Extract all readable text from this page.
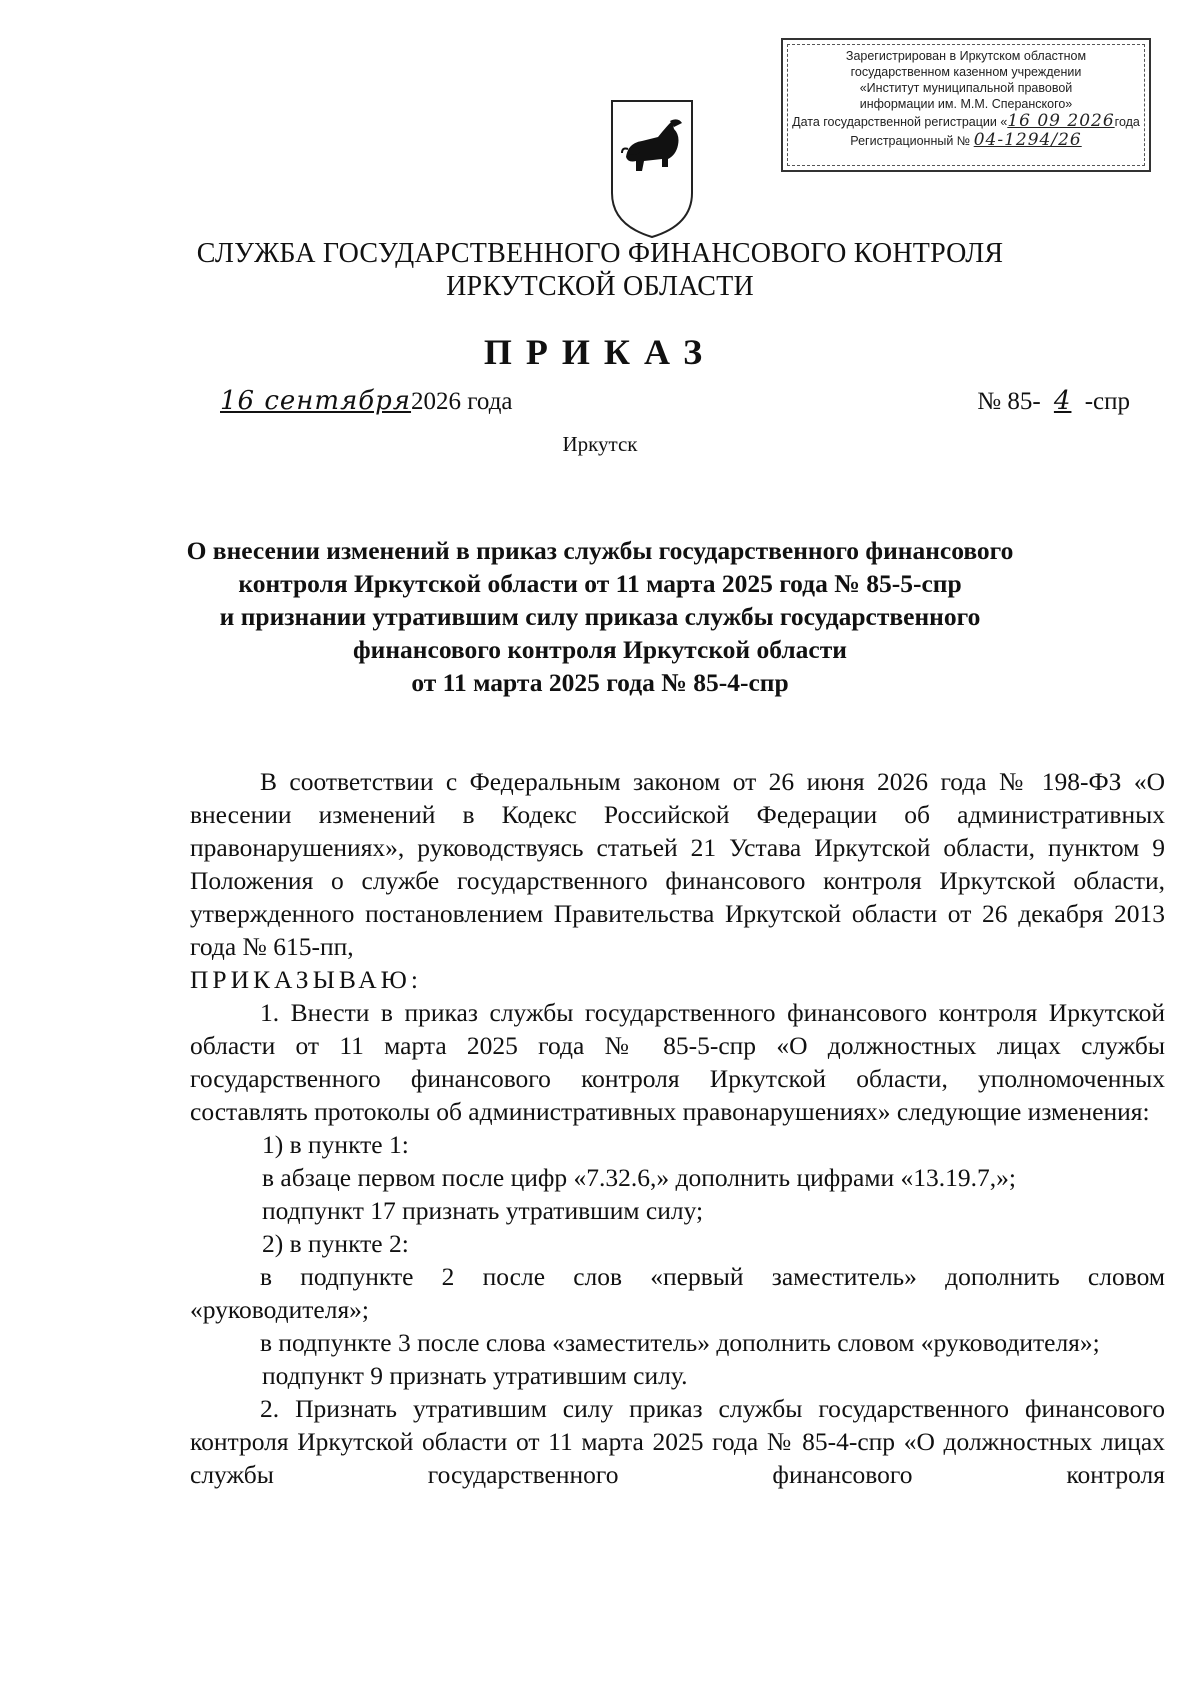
Зарегистрирован в Иркутском областном
государственном казенном учреждении
«Институт муниципальной правовой
информации им. М.М. Сперанского»
Дата государственной регистрации «16 09 2026года
Регистрационный № 04-1294/26
СЛУЖБА ГОСУДАРСТВЕННОГО ФИНАНСОВОГО КОНТРОЛЯ
ИРКУТСКОЙ ОБЛАСТИ
ПРИКАЗ
16 сентября2026 года	№ 85- 4 -спр
Иркутск
О внесении изменений в приказ службы государственного финансового
контроля Иркутской области от 11 марта 2025 года № 85-5-спр
и признании утратившим силу приказа службы государственного
финансового контроля Иркутской области
от 11 марта 2025 года № 85-4-спр

В соответствии с Федеральным законом от 26 июня 2026 года № 198-ФЗ «О внесении изменений в Кодекс Российской Федерации об административных правонарушениях», руководствуясь статьей 21 Устава Иркутской области, пунктом 9 Положения о службе государственного финансового контроля Иркутской области, утвержденного постановлением Правительства Иркутской области от 26 декабря 2013 года № 615-пп,

ПРИКАЗЫВАЮ:

1. Внести в приказ службы государственного финансового контроля Иркутской области от 11 марта 2025 года № 85-5-спр «О должностных лицах службы государственного финансового контроля Иркутской области, уполномоченных составлять протоколы об административных правонарушениях» следующие изменения:

1) в пункте 1:

в абзаце первом после цифр «7.32.6,» дополнить цифрами «13.19.7,»;

подпункт 17 признать утратившим силу;

2) в пункте 2:

в подпункте 2 после слов «первый заместитель» дополнить словом «руководителя»;

в подпункте 3 после слова «заместитель» дополнить словом «руководителя»;

подпункт 9 признать утратившим силу.

2. Признать утратившим силу приказ службы государственного финансового контроля Иркутской области от 11 марта 2025 года № 85-4-спр «О должностных лицах службы государственного финансового контроля
